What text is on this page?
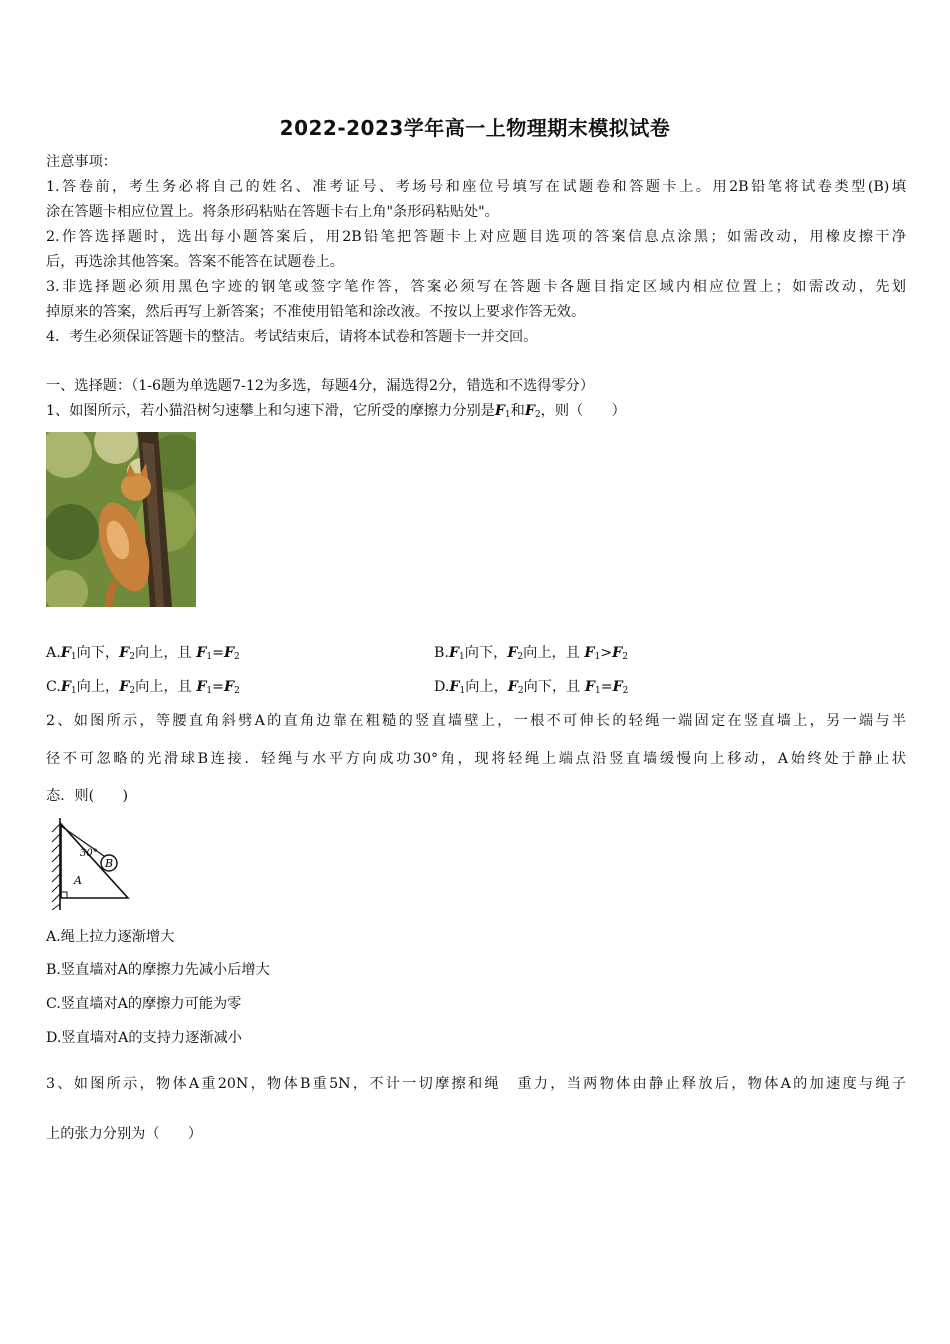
2022-2023学年高一上物理期末模拟试卷
注意事项：
1.答卷前，考生务必将自己的姓名、准考证号、考场号和座位号填写在试题卷和答题卡上。用2B铅笔将试卷类型(B)填
涂在答题卡相应位置上。将条形码粘贴在答题卡右上角"条形码粘贴处"。
2.作答选择题时，选出每小题答案后，用2B铅笔把答题卡上对应题目选项的答案信息点涂黑；如需改动，用橡皮擦干净
后，再选涂其他答案。答案不能答在试题卷上。
3.非选择题必须用黑色字迹的钢笔或签字笔作答，答案必须写在答题卡各题目指定区域内相应位置上；如需改动，先划
掉原来的答案，然后再写上新答案；不准使用铅笔和涂改液。不按以上要求作答无效。
4．考生必须保证答题卡的整洁。考试结束后，请将本试卷和答题卡一并交回。
一、选择题：（1-6题为单选题7-12为多选，每题4分，漏选得2分，错选和不选得零分）
1、如图所示，若小猫沿树匀速攀上和匀速下滑，它所受的摩擦力分别是$F_1$和$F_2$，则（　　）
$A.F_1$向下，$F_2$向上，且 $F_1=F_2$	$B.F_1$向下，$F_2$向上，且 $F_1>F_2$
$C.F_1$向上，$F_2$向上，且 $F_1=F_2$	$D.F_1$向上，$F_2$向下，且 $F_1=F_2$
2、如图所示，等腰直角斜劈A的直角边靠在粗糙的竖直墙壁上，一根不可伸长的轻绳一端固定在竖直墙上，另一端与半
径不可忽略的光滑球B连接．轻绳与水平方向成功30°角，现将轻绳上端点沿竖直墙缓慢向上移动，A始终处于静止状
态．则(　　)
B
30°
A
A.绳上拉力逐渐增大
B.竖直墙对A的摩擦力先减小后增大
C.竖直墙对A的摩擦力可能为零
D.竖直墙对A的支持力逐渐减小
3、如图所示，物体A重20N，物体B重5N，不计一切摩擦和绳　重力，当两物体由静止释放后，物体A的加速度与绳子
上的张力分别为（　　）
